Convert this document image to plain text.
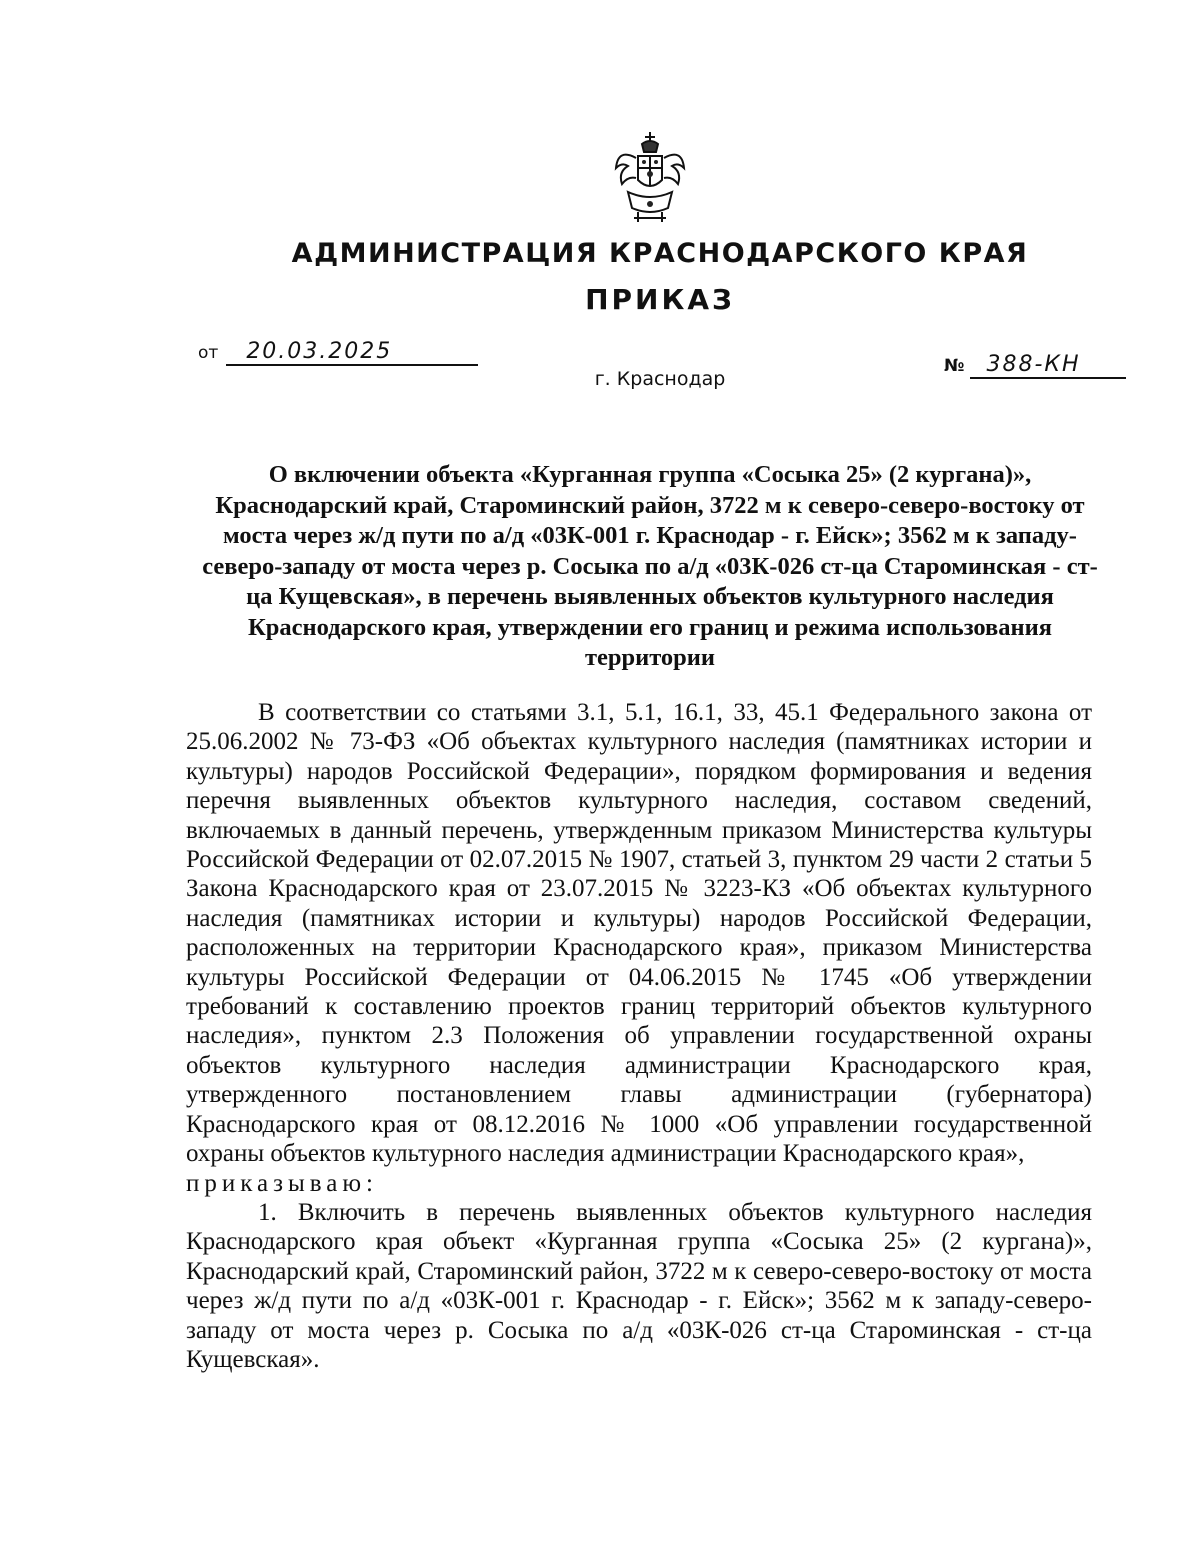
АДМИНИСТРАЦИЯ КРАСНОДАРСКОГО КРАЯ
ПРИКАЗ
от 20.03.2025
№ 388-КН
г. Краснодар
О включении объекта «Курганная группа «Сосыка 25» (2 кургана)», Краснодарский край, Староминский район, 3722 м к северо-северо-востоку от моста через ж/д пути по а/д «03К-001 г. Краснодар - г. Ейск»; 3562 м к западу-северо-западу от моста через р. Сосыка по а/д «03К-026 ст-ца Староминская - ст-ца Кущевская», в перечень выявленных объектов культурного наследия Краснодарского края, утверждении его границ и режима использования территории

В соответствии со статьями 3.1, 5.1, 16.1, 33, 45.1 Федерального закона от 25.06.2002 № 73-ФЗ «Об объектах культурного наследия (памятниках истории и культуры) народов Российской Федерации», порядком формирования и ведения перечня выявленных объектов культурного наследия, составом сведений, включаемых в данный перечень, утвержденным приказом Министерства культуры Российской Федерации от 02.07.2015 № 1907, статьей 3, пунктом 29 части 2 статьи 5 Закона Краснодарского края от 23.07.2015 № 3223-КЗ «Об объектах культурного наследия (памятниках истории и культуры) народов Российской Федерации, расположенных на территории Краснодарского края», приказом Министерства культуры Российской Федерации от 04.06.2015 № 1745 «Об утверждении требований к составлению проектов границ территорий объектов культурного наследия», пунктом 2.3 Положения об управлении государственной охраны объектов культурного наследия администрации Краснодарского края, утвержденного постановлением главы администрации (губернатора) Краснодарского края от 08.12.2016 № 1000 «Об управлении государственной охраны объектов культурного наследия администрации Краснодарского края»,

приказываю:

1. Включить в перечень выявленных объектов культурного наследия Краснодарского края объект «Курганная группа «Сосыка 25» (2 кургана)», Краснодарский край, Староминский район, 3722 м к северо-северо-востоку от моста через ж/д пути по а/д «03К-001 г. Краснодар - г. Ейск»; 3562 м к западу-северо-западу от моста через р. Сосыка по а/д «03К-026 ст-ца Староминская - ст-ца Кущевская».
